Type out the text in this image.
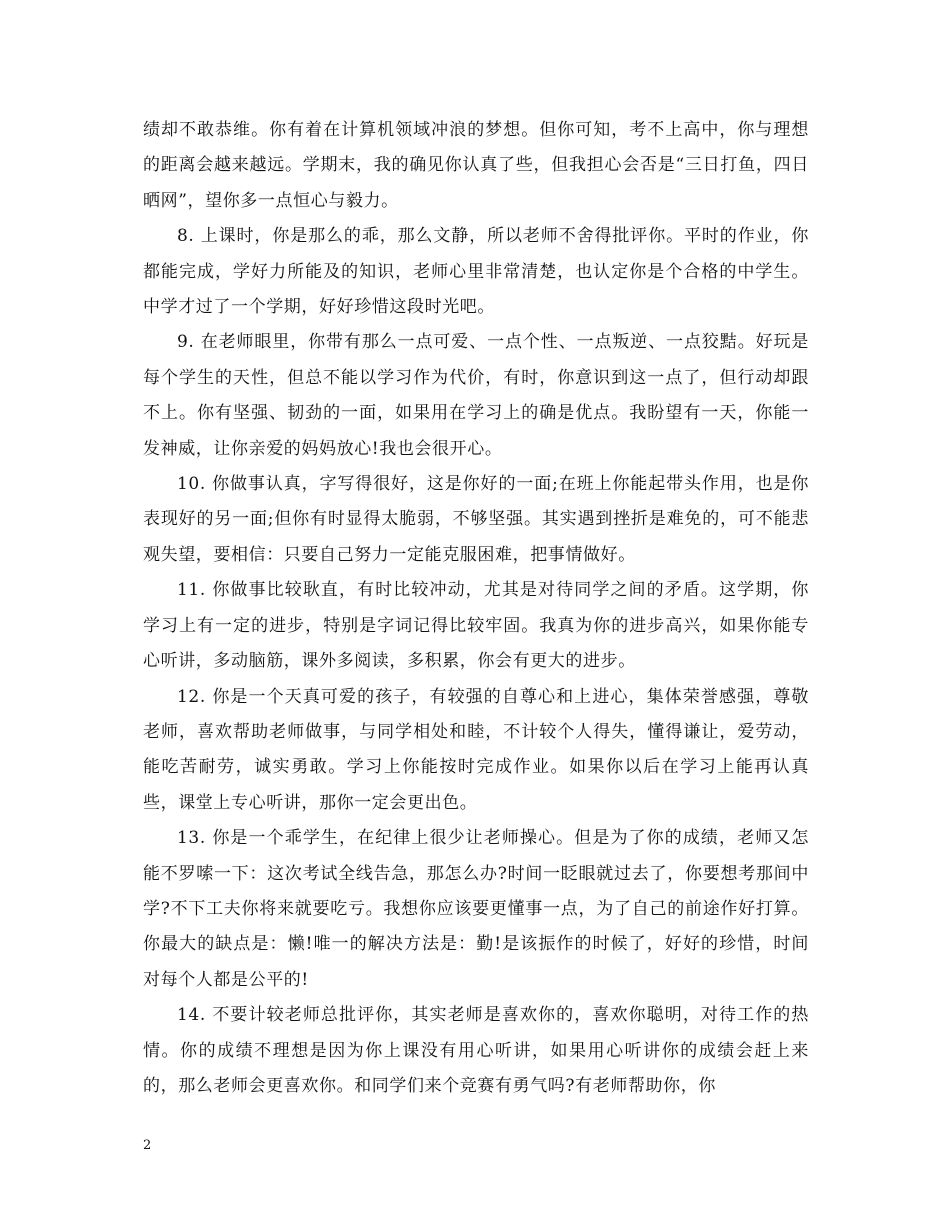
绩却不敢恭维。你有着在计算机领域冲浪的梦想。但你可知，考不上高中，你与理想的距离会越来越远。学期末，我的确见你认真了些，但我担心会否是“三日打鱼，四日晒网”，望你多一点恒心与毅力。

8. 上课时，你是那么的乖，那么文静，所以老师不舍得批评你。平时的作业，你都能完成，学好力所能及的知识，老师心里非常清楚，也认定你是个合格的中学生。中学才过了一个学期，好好珍惜这段时光吧。

9. 在老师眼里，你带有那么一点可爱、一点个性、一点叛逆、一点狡黠。好玩是每个学生的天性，但总不能以学习作为代价，有时，你意识到这一点了，但行动却跟不上。你有坚强、韧劲的一面，如果用在学习上的确是优点。我盼望有一天，你能一发神威，让你亲爱的妈妈放心!我也会很开心。

10. 你做事认真，字写得很好，这是你好的一面;在班上你能起带头作用，也是你表现好的另一面;但你有时显得太脆弱，不够坚强。其实遇到挫折是难免的，可不能悲观失望，要相信：只要自己努力一定能克服困难，把事情做好。

11. 你做事比较耿直，有时比较冲动，尤其是对待同学之间的矛盾。这学期，你学习上有一定的进步，特别是字词记得比较牢固。我真为你的进步高兴，如果你能专心听讲，多动脑筋，课外多阅读，多积累，你会有更大的进步。

12. 你是一个天真可爱的孩子，有较强的自尊心和上进心，集体荣誉感强，尊敬老师，喜欢帮助老师做事，与同学相处和睦，不计较个人得失，懂得谦让，爱劳动，能吃苦耐劳，诚实勇敢。学习上你能按时完成作业。如果你以后在学习上能再认真些，课堂上专心听讲，那你一定会更出色。

13. 你是一个乖学生，在纪律上很少让老师操心。但是为了你的成绩，老师又怎能不罗嗦一下：这次考试全线告急，那怎么办?时间一眨眼就过去了，你要想考那间中学?不下工夫你将来就要吃亏。我想你应该要更懂事一点，为了自己的前途作好打算。你最大的缺点是：懒!唯一的解决方法是：勤!是该振作的时候了，好好的珍惜，时间对每个人都是公平的!

14. 不要计较老师总批评你，其实老师是喜欢你的，喜欢你聪明，对待工作的热情。你的成绩不理想是因为你上课没有用心听讲，如果用心听讲你的成绩会赶上来的，那么老师会更喜欢你。和同学们来个竞赛有勇气吗?有老师帮助你，你

2
